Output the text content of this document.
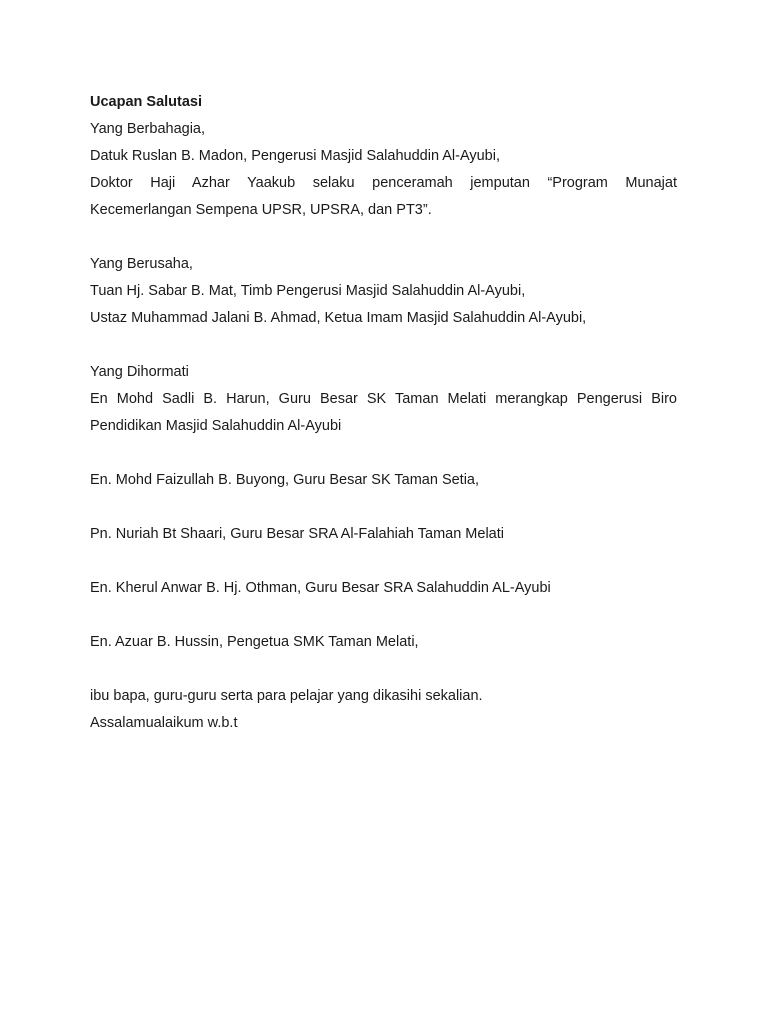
Ucapan Salutasi
Yang Berbahagia,
Datuk Ruslan B. Madon, Pengerusi Masjid Salahuddin Al-Ayubi,
Doktor Haji Azhar Yaakub selaku penceramah jemputan “Program Munajat
Kecemerlangan Sempena UPSR, UPSRA, dan PT3”.
Yang Berusaha,
Tuan Hj. Sabar B. Mat, Timb Pengerusi Masjid Salahuddin Al-Ayubi,
Ustaz Muhammad Jalani B. Ahmad, Ketua Imam Masjid Salahuddin Al-Ayubi,
Yang Dihormati
En Mohd Sadli B. Harun, Guru Besar SK Taman Melati merangkap Pengerusi Biro
Pendidikan Masjid Salahuddin Al-Ayubi
En. Mohd Faizullah B. Buyong, Guru Besar SK Taman Setia,
Pn. Nuriah Bt Shaari, Guru Besar SRA Al-Falahiah Taman Melati
En. Kherul Anwar B. Hj. Othman, Guru Besar SRA Salahuddin AL-Ayubi
En. Azuar B. Hussin, Pengetua SMK Taman Melati,
ibu bapa, guru-guru serta para pelajar yang dikasihi sekalian.
Assalamualaikum w.b.t
